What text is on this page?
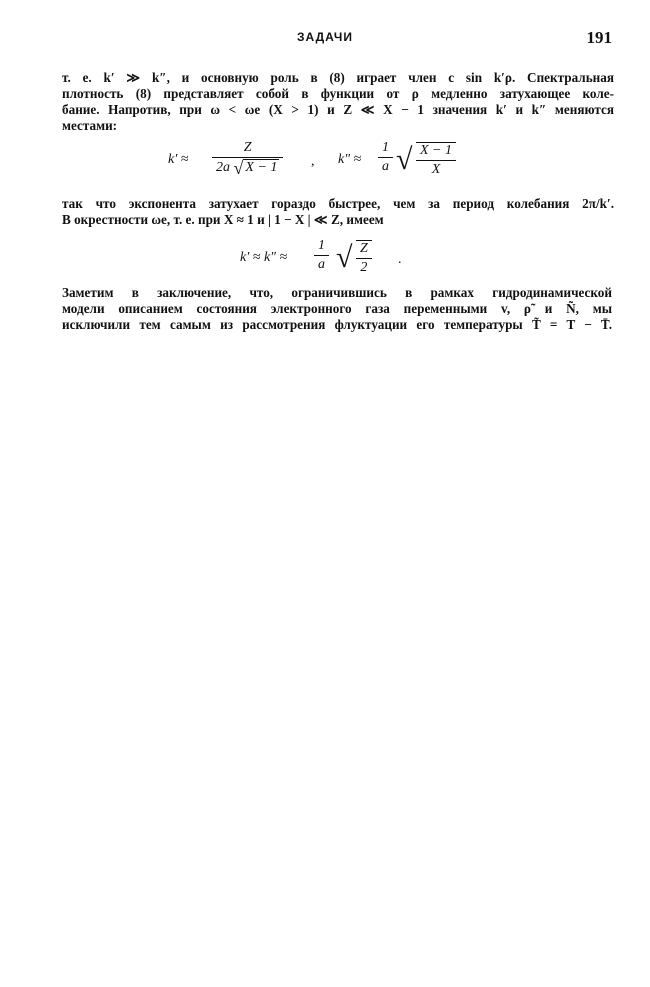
ЗАДАЧИ	191
т. е. k′ ≫ k″, и основную роль в (8) играет член с sin k′ρ. Спектральная
плотность (8) представляет собой в функции от ρ медленно затухающее коле-
бание. Напротив, при ω < ωe (X > 1) и Z ≪ X − 1 значения k′ и k″ меняются
местами:
$k' \approx \frac{Z}{2a √ X - 1}$ , $k'' \approx \frac{1}{a}$ √ $\frac{X - 1}{X}$
так что экспонента затухает гораздо быстрее, чем за период колебания 2π/k′.
В окрестности ωe, т. е. при X ≈ 1 и | 1 − X | ≪ Z, имеем
$k' \approx k'' \approx \frac{1}{a}$ √ $\frac{Z}{2}$ .
Заметим в заключение, что, ограничившись в рамках гидродинамической
модели описанием состояния электронного газа переменными v, ρ̃ и Ñ, мы
исключили тем самым из рассмотрения флуктуации его температуры T̃ = T − T̄.
